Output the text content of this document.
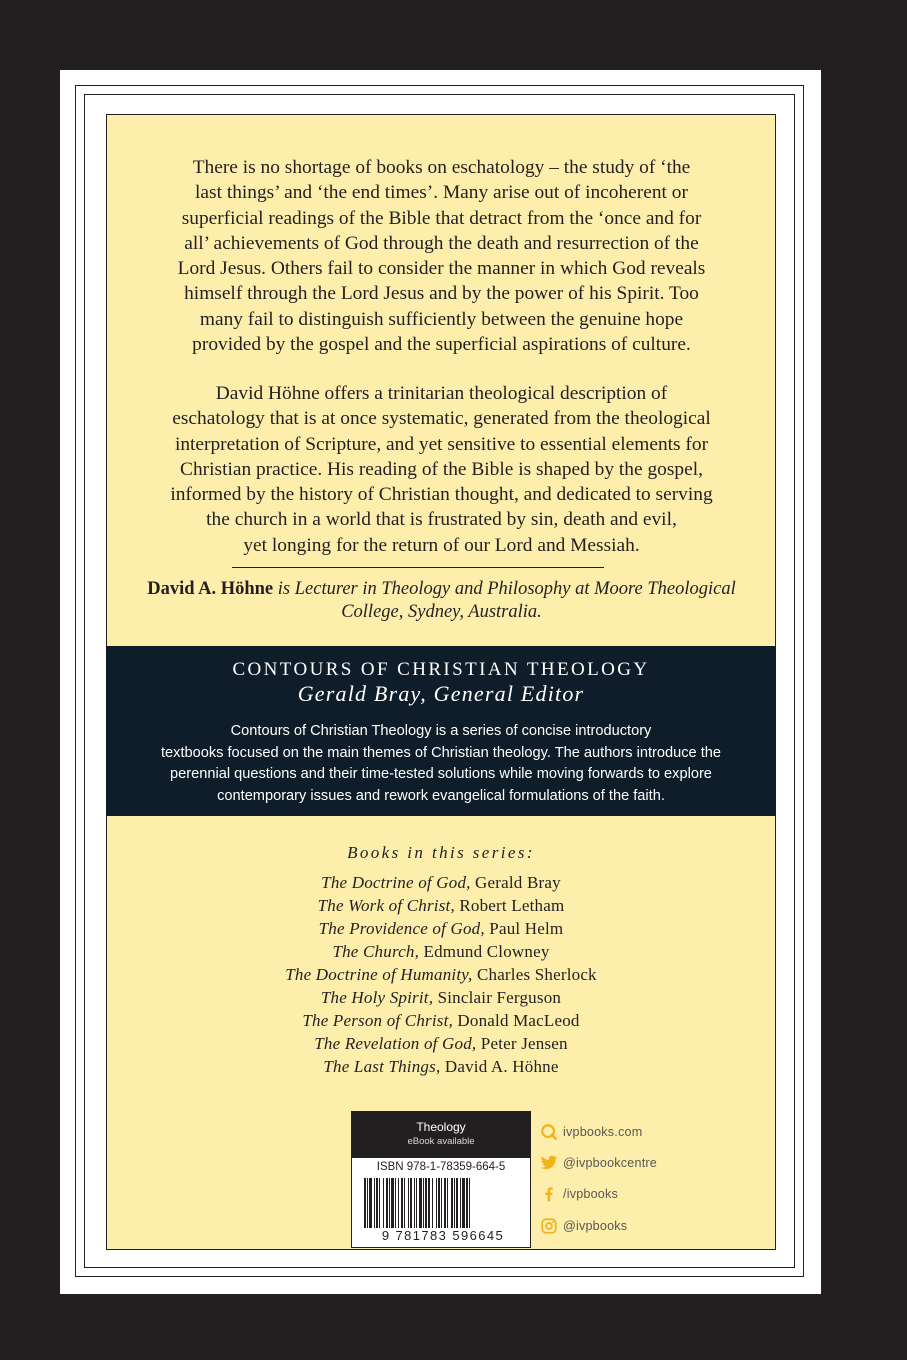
There is no shortage of books on eschatology – the study of ‘the

last things’ and ‘the end times’. Many arise out of incoherent or

superficial readings of the Bible that detract from the ‘once and for

all’ achievements of God through the death and resurrection of the

Lord Jesus. Others fail to consider the manner in which God reveals

himself through the Lord Jesus and by the power of his Spirit. Too

many fail to distinguish sufficiently between the genuine hope

provided by the gospel and the superficial aspirations of culture.

David Höhne offers a trinitarian theological description of

eschatology that is at once systematic, generated from the theological

interpretation of Scripture, and yet sensitive to essential elements for

Christian practice. His reading of the Bible is shaped by the gospel,

informed by the history of Christian thought, and dedicated to serving

the church in a world that is frustrated by sin, death and evil,

yet longing for the return of our Lord and Messiah.

David A. Höhne is Lecturer in Theology and Philosophy at Moore Theological
College, Sydney, Australia.
CONTOURS OF CHRISTIAN THEOLOGY
Gerald Bray, General Editor
Contours of Christian Theology is a series of concise introductory
textbooks focused on the main themes of Christian theology. The authors introduce the
perennial questions and their time-tested solutions while moving forwards to explore
contemporary issues and rework evangelical formulations of the faith.
Books in this series:
The Doctrine of God, Gerald Bray
The Work of Christ, Robert Letham
The Providence of God, Paul Helm
The Church, Edmund Clowney
The Doctrine of Humanity, Charles Sherlock
The Holy Spirit, Sinclair Ferguson
The Person of Christ, Donald MacLeod
The Revelation of God, Peter Jensen
The Last Things, David A. Höhne
Theology
eBook available
ISBN 978-1-78359-664-5
9 781783 596645
ivpbooks.com
@ivpbookcentre
/ivpbooks
@ivpbooks
